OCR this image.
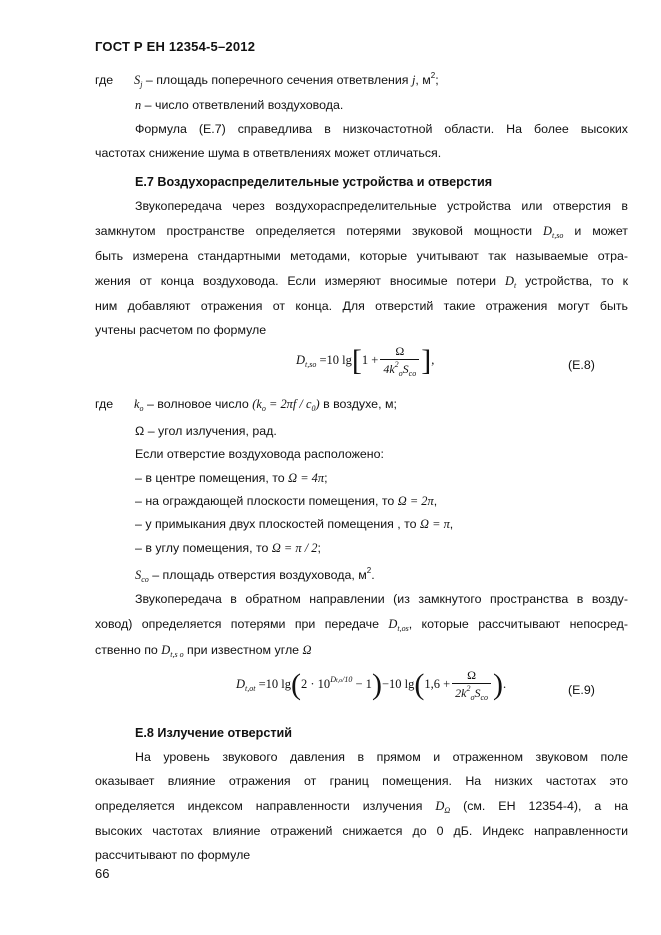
ГОСТ Р ЕН 12354-5–2012
где $S_j$ – площадь поперечного сечения ответвления j, $м^2$;
n – число ответвлений воздуховода.
Формула (Е.7) справедлива в низкочастотной области. На более высоких
частотах снижение шума в ответвлениях может отличаться.
Е.7 Воздухораспределительные устройства и отверстия
Звукопередача через воздухораспределительные устройства или отверстия в
замкнутом пространстве определяется потерями звуковой мощности $D_{t,so}$ и может
быть измерена стандартными методами, которые учитывают так называемые отра-
жения от конца воздуховода. Если измеряют вносимые потери $D_t$ устройства, то к
ним добавляют отражения от конца. Для отверстий такие отражения могут быть
учтены расчетом по формуле
$D_{t,so} =10$ $\lg[1 + \frac{\Omega}{4k^2_oS_{co}}$ ],	(Е.8)
где $k_o$ – волновое число $(k_o = 2\pi f / c_0)$ в воздухе, м;
Ω – угол излучения, рад.
Если отверстие воздуховода расположено:
– в центре помещения, то Ω = 4π;
– на ограждающей плоскости помещения, то Ω = 2π,
– у примыкания двух плоскостей помещения , то Ω = π,
– в углу помещения, то Ω = π / 2;
$S_{co}$ – площадь отверстия воздуховода, $м^2$.
Звукопередача в обратном направлении (из замкнутого пространства в возду-
ховод) определяется потерями при передаче $D_{t,os}$, которые рассчитывают непосред-
ственно по $D_{t,s o}$ при известном угле Ω
$D_{t,ot} =10$ $\lg(2 \cdot 10^{Dt,o/10} - 1)-10$ $\lg(1,6 + \frac{\Omega}{2k^2_oS_{co}}$ ).	(Е.9)
Е.8 Излучение отверстий
На уровень звукового давления в прямом и отраженном звуковом поле
оказывает влияние отражения от границ помещения. На низких частотах это
определяется индексом направленности излучения $D_\Omega$ (см. ЕН 12354-4), а на
высоких частотах влияние отражений снижается до 0 дБ. Индекс направленности
рассчитывают по формуле
66
